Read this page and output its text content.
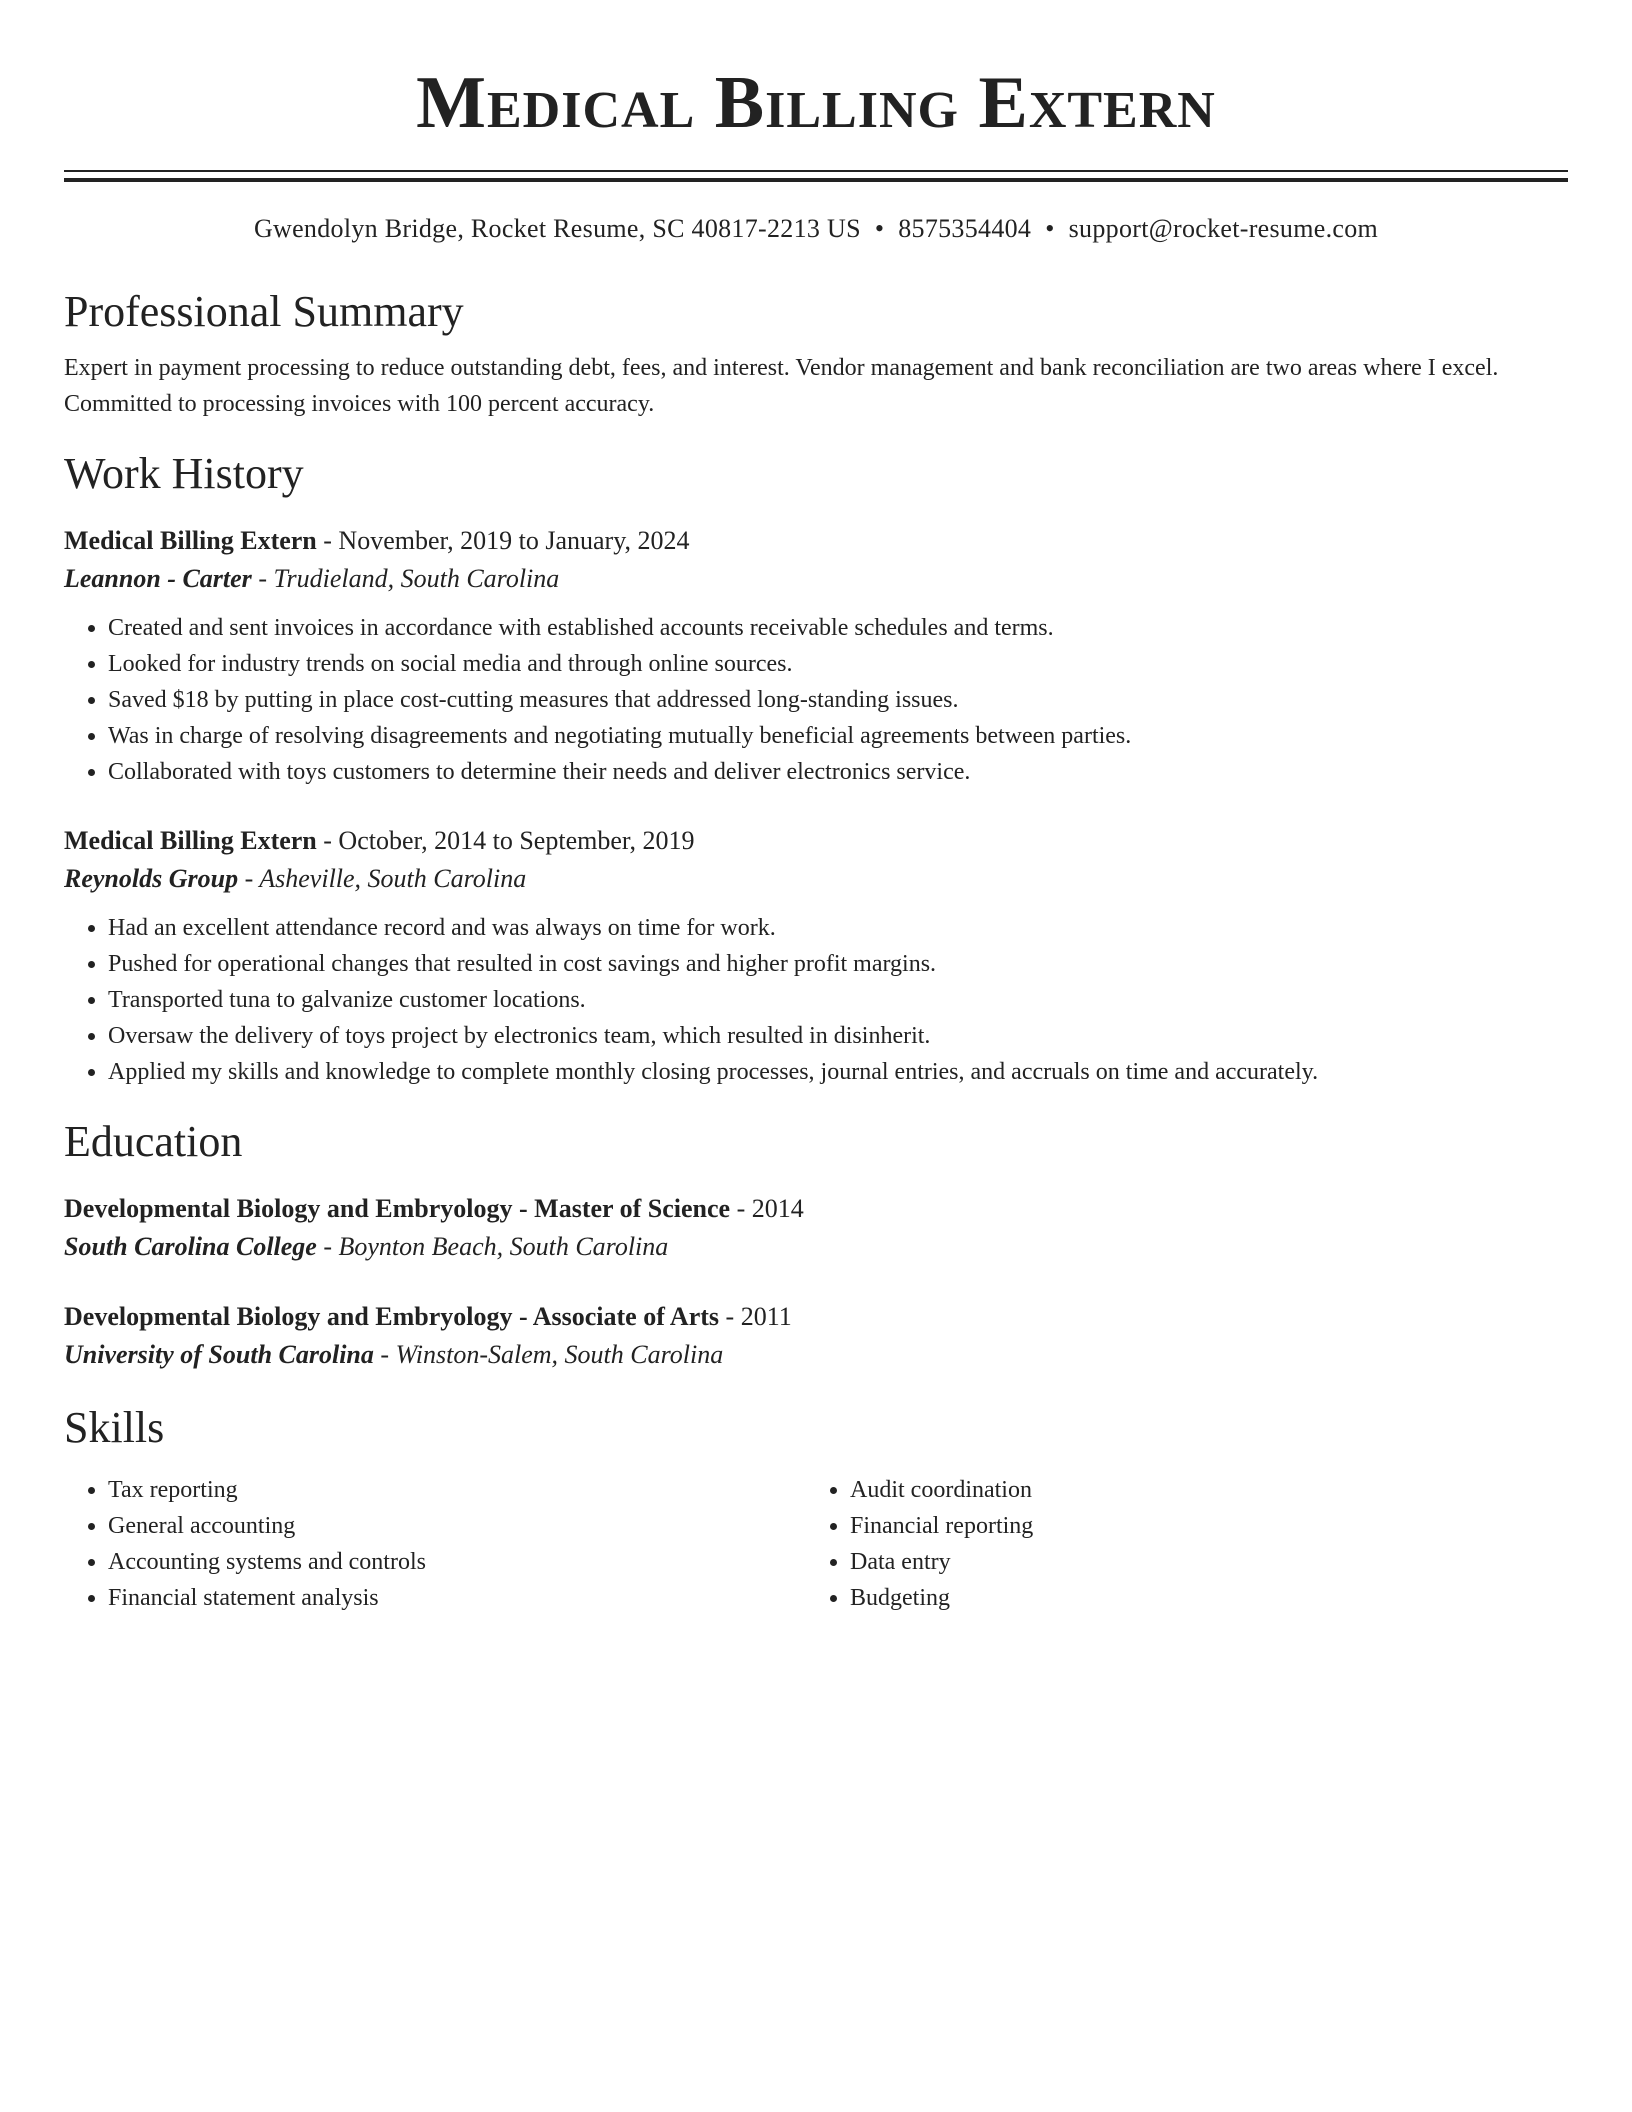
Medical Billing Extern
Gwendolyn Bridge, Rocket Resume, SC 40817-2213 US • 8575354404 • support@rocket-resume.com
Professional Summary
Expert in payment processing to reduce outstanding debt, fees, and interest. Vendor management and bank reconciliation are two areas where I excel. Committed to processing invoices with 100 percent accuracy.
Work History
Medical Billing Extern - November, 2019 to January, 2024
Leannon - Carter - Trudieland, South Carolina
• Created and sent invoices in accordance with established accounts receivable schedules and terms.
• Looked for industry trends on social media and through online sources.
• Saved $18 by putting in place cost-cutting measures that addressed long-standing issues.
• Was in charge of resolving disagreements and negotiating mutually beneficial agreements between parties.
• Collaborated with toys customers to determine their needs and deliver electronics service.
Medical Billing Extern - October, 2014 to September, 2019
Reynolds Group - Asheville, South Carolina
• Had an excellent attendance record and was always on time for work.
• Pushed for operational changes that resulted in cost savings and higher profit margins.
• Transported tuna to galvanize customer locations.
• Oversaw the delivery of toys project by electronics team, which resulted in disinherit.
• Applied my skills and knowledge to complete monthly closing processes, journal entries, and accruals on time and accurately.
Education
Developmental Biology and Embryology - Master of Science - 2014
South Carolina College - Boynton Beach, South Carolina
Developmental Biology and Embryology - Associate of Arts - 2011
University of South Carolina - Winston-Salem, South Carolina
Skills
• Tax reporting
• General accounting
• Accounting systems and controls
• Financial statement analysis
• Audit coordination
• Financial reporting
• Data entry
• Budgeting
